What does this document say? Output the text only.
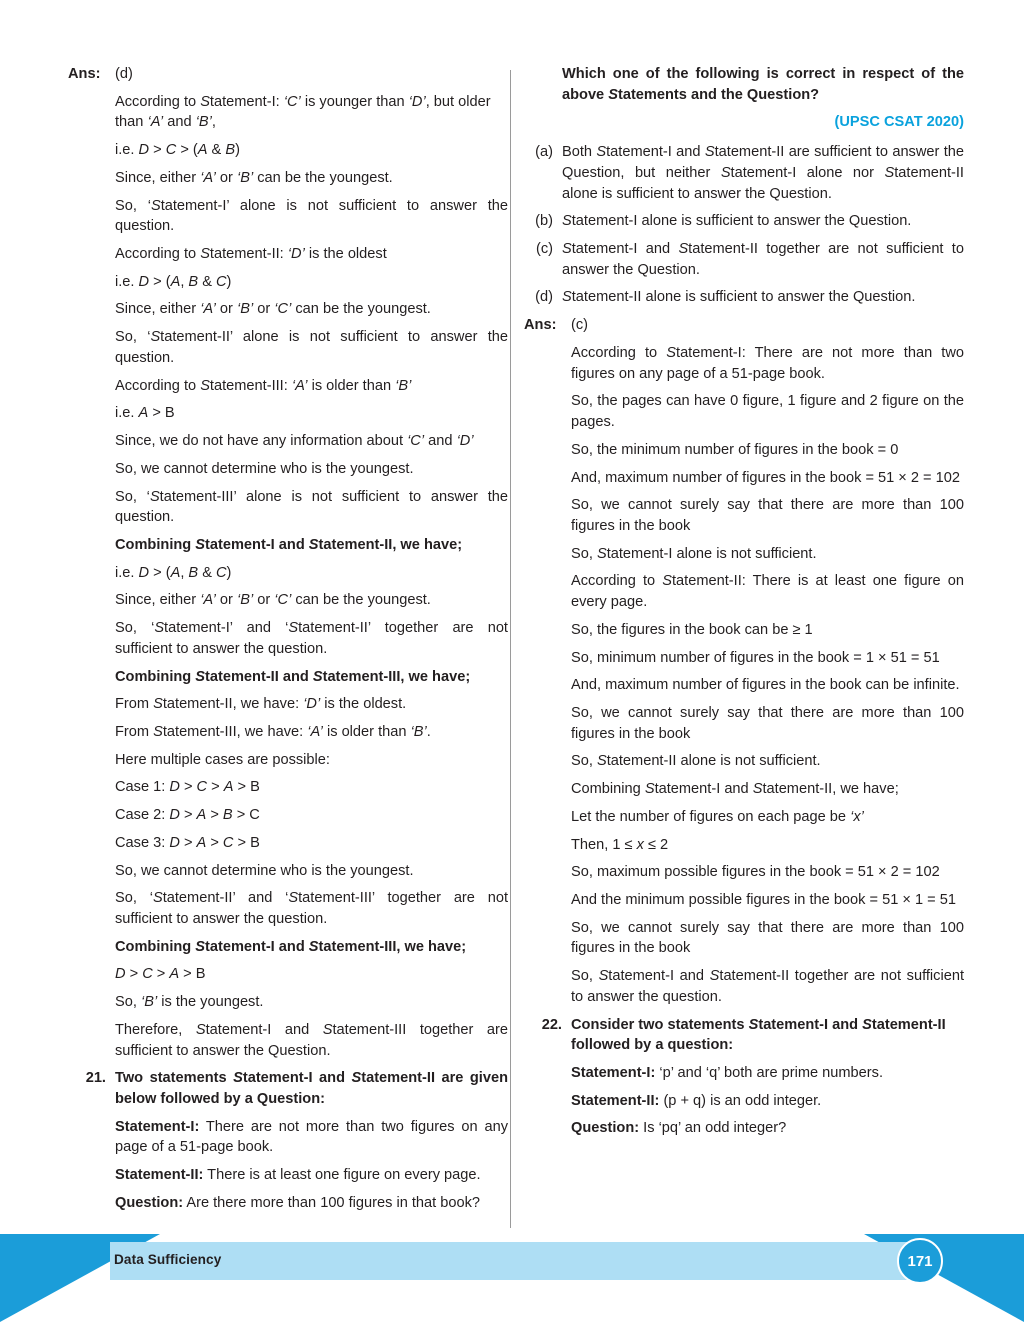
Ans: (d)

According to Statement-I: ‘C’ is younger than ‘D’, but older than ‘A’ and ‘B’,

i.e. D > C > (A & B)

Since, either ‘A’ or ‘B’ can be the youngest.

So, ‘Statement-I’ alone is not sufficient to answer the question.

According to Statement-II: ‘D’ is the oldest

i.e. D > (A, B & C)

Since, either ‘A’ or ‘B’ or ‘C’ can be the youngest.

So, ‘Statement-II’ alone is not sufficient to answer the question.

According to Statement-III: ‘A’ is older than ‘B’

i.e. A > B

Since, we do not have any information about ‘C’ and ‘D’

So, we cannot determine who is the youngest.

So, ‘Statement-III’ alone is not sufficient to answer the question.

Combining Statement-I and Statement-II, we have;

i.e. D > (A, B & C)

Since, either ‘A’ or ‘B’ or ‘C’ can be the youngest.

So, ‘Statement-I’ and ‘Statement-II’ together are not sufficient to answer the question.

Combining Statement-II and Statement-III, we have;

From Statement-II, we have: ‘D’ is the oldest.

From Statement-III, we have: ‘A’ is older than ‘B’.

Here multiple cases are possible:

Case 1: D > C > A > B

Case 2: D > A > B > C

Case 3: D > A > C > B

So, we cannot determine who is the youngest.

So, ‘Statement-II’ and ‘Statement-III’ together are not sufficient to answer the question.

Combining Statement-I and Statement-III, we have;

D > C > A > B

So, ‘B’ is the youngest.

Therefore, Statement-I and Statement-III together are sufficient to answer the Question.

21. Two statements Statement-I and Statement-II are given below followed by a Question:

Statement-I: There are not more than two figures on any page of a 51-page book.

Statement-II: There is at least one figure on every page.

Question: Are there more than 100 figures in that book?

Which one of the following is correct in respect of the above Statements and the Question?

(UPSC CSAT 2020)

(a) Both Statement-I and Statement-II are sufficient to answer the Question, but neither Statement-I alone nor Statement-II alone is sufficient to answer the Question.
(b) Statement-I alone is sufficient to answer the Question.
(c) Statement-I and Statement-II together are not sufficient to answer the Question.
(d) Statement-II alone is sufficient to answer the Question.
Ans: (c)

According to Statement-I: There are not more than two figures on any page of a 51-page book.

So, the pages can have 0 figure, 1 figure and 2 figure on the pages.

So, the minimum number of figures in the book = 0

And, maximum number of figures in the book = 51 × 2 = 102

So, we cannot surely say that there are more than 100 figures in the book

So, Statement-I alone is not sufficient.

According to Statement-II: There is at least one figure on every page.

So, the figures in the book can be ≥ 1

So, minimum number of figures in the book = 1 × 51 = 51

And, maximum number of figures in the book can be infinite.

So, we cannot surely say that there are more than 100 figures in the book

So, Statement-II alone is not sufficient.

Combining Statement-I and Statement-II, we have;

Let the number of figures on each page be ‘x’

Then, 1 ≤ x ≤ 2

So, maximum possible figures in the book = 51 × 2 = 102

And the minimum possible figures in the book = 51 × 1 = 51

So, we cannot surely say that there are more than 100 figures in the book

So, Statement-I and Statement-II together are not sufficient to answer the question.

22. Consider two statements Statement-I and Statement-II followed by a question:

Statement-I: ‘p’ and ‘q’ both are prime numbers.

Statement-II: (p + q) is an odd integer.

Question: Is ‘pq’ an odd integer?

Data Sufficiency	171
